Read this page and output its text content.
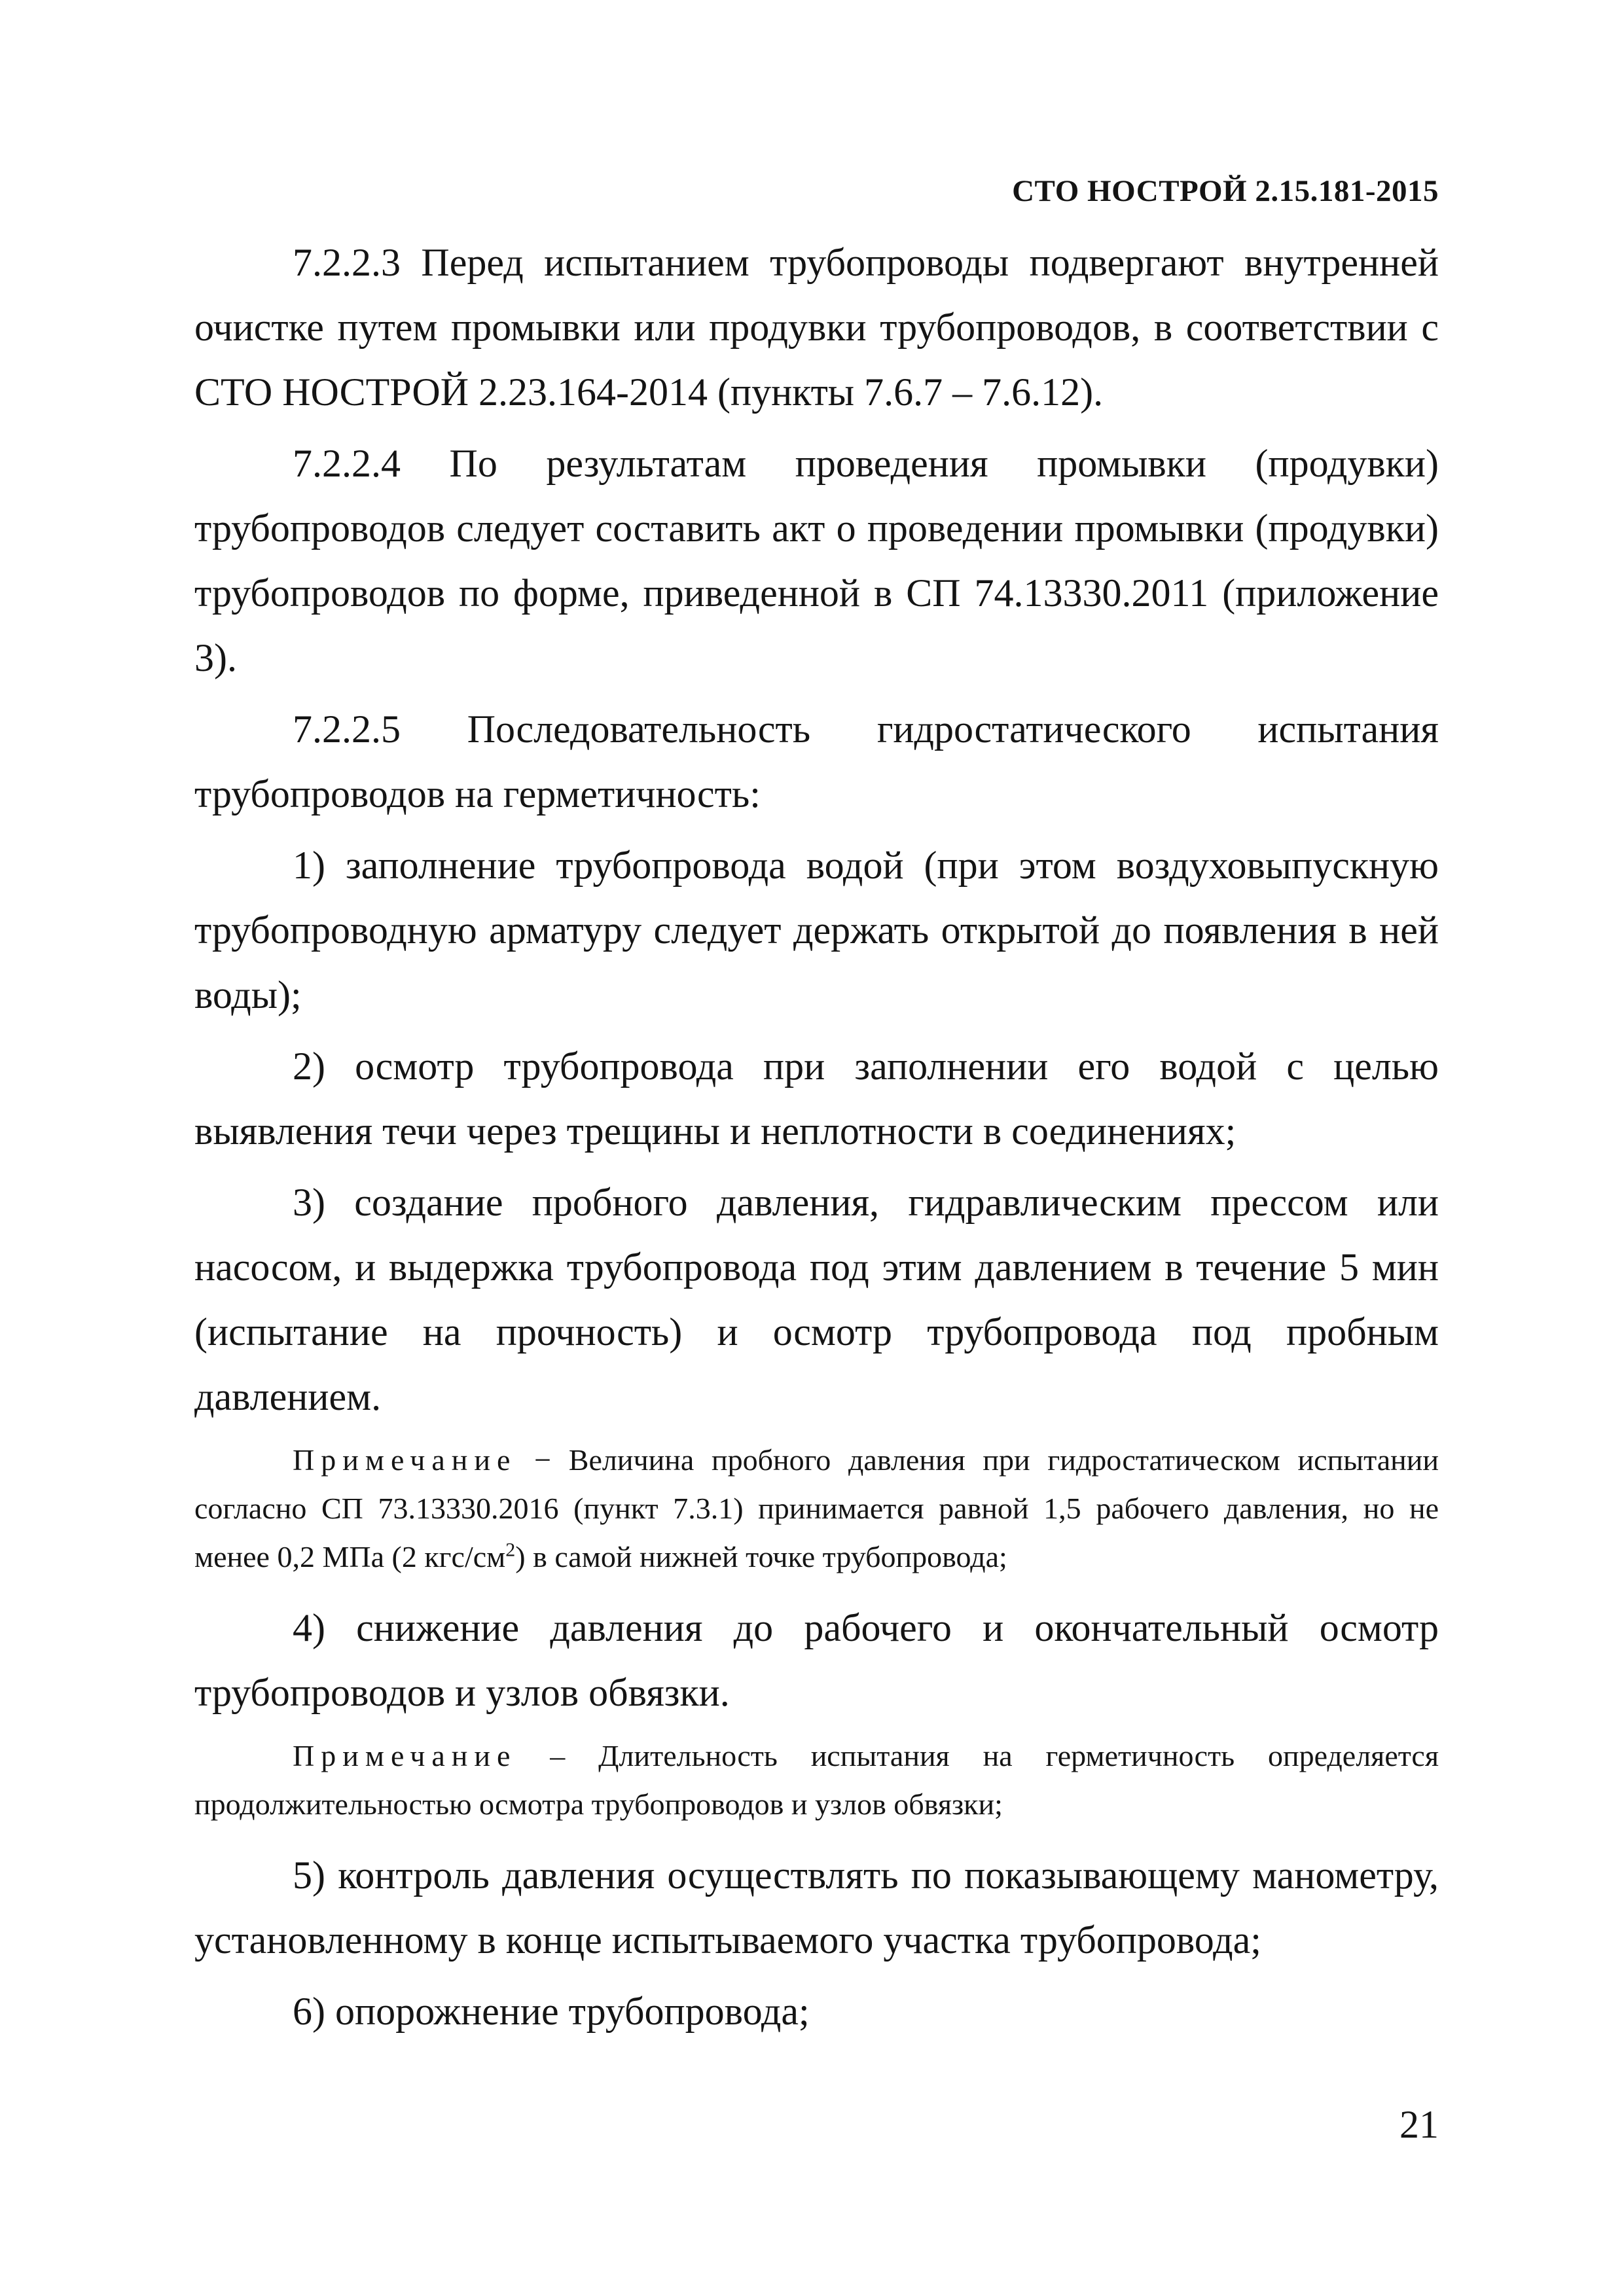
СТО НОСТРОЙ 2.15.181-2015

7.2.2.3 Перед испытанием трубопроводы подвергают внутренней очистке путем промывки или продувки трубопроводов, в соответствии с СТО НОСТРОЙ 2.23.164-2014 (пункты 7.6.7 – 7.6.12).

7.2.2.4 По результатам проведения промывки (продувки) трубопроводов следует составить акт о проведении промывки (продувки) трубопроводов по форме, приведенной в СП 74.13330.2011 (приложение 3).

7.2.2.5 Последовательность гидростатического испытания трубопроводов на герметичность:

1) заполнение трубопровода водой (при этом воздуховыпускную трубопроводную арматуру следует держать открытой до появления в ней воды);

2) осмотр трубопровода при заполнении его водой с целью выявления течи через трещины и неплотности в соединениях;

3) создание пробного давления, гидравлическим прессом или насосом, и выдержка трубопровода под этим давлением в течение 5 мин (испытание на прочность) и осмотр трубопровода под пробным давлением.

Примечание − Величина пробного давления при гидростатическом испытании согласно СП 73.13330.2016 (пункт 7.3.1) принимается равной 1,5 рабочего давления, но не менее 0,2 МПа (2 кгс/$см^2$) в самой нижней точке трубопровода;

4) снижение давления до рабочего и окончательный осмотр трубопроводов и узлов обвязки.

Примечание – Длительность испытания на герметичность определяется продолжительностью осмотра трубопроводов и узлов обвязки;

5) контроль давления осуществлять по показывающему манометру, установленному в конце испытываемого участка трубопровода;

6) опорожнение трубопровода;

21
